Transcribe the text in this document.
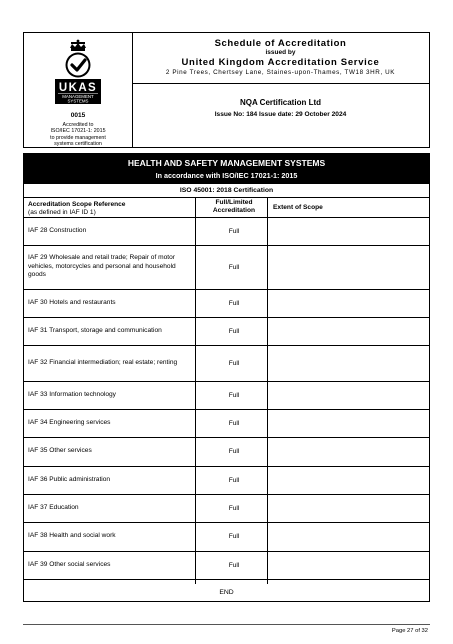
UKAS
MANAGEMENT
SYSTEMS
0015
Accredited to
ISO/IEC 17021-1: 2015
to provide management
systems certification
Schedule of Accreditation
issued by
United Kingdom Accreditation Service
2 Pine Trees, Chertsey Lane, Staines-upon-Thames, TW18 3HR, UK
NQA Certification Ltd
Issue No: 184 Issue date: 29 October 2024
HEALTH AND SAFETY MANAGEMENT SYSTEMS
In accordance with ISO/IEC 17021-1: 2015
ISO 45001: 2018 Certification
Accreditation Scope Reference
(as defined in IAF ID 1)
Full/Limited
Accreditation	Extent of Scope
IAF 28 Construction	Full
IAF 29 Wholesale and retail trade; Repair of motor vehicles, motorcycles and personal and household goods
Full
IAF 30 Hotels and restaurants	Full
IAF 31 Transport, storage and communication	Full
IAF 32 Financial intermediation; real estate; renting	Full
IAF 33 Information technology	Full
IAF 34 Engineering services	Full
IAF 35 Other services	Full
IAF 36 Public administration	Full
IAF 37 Education	Full
IAF 38 Health and social work	Full
IAF 39 Other social services	Full
END
Page 27 of 32
